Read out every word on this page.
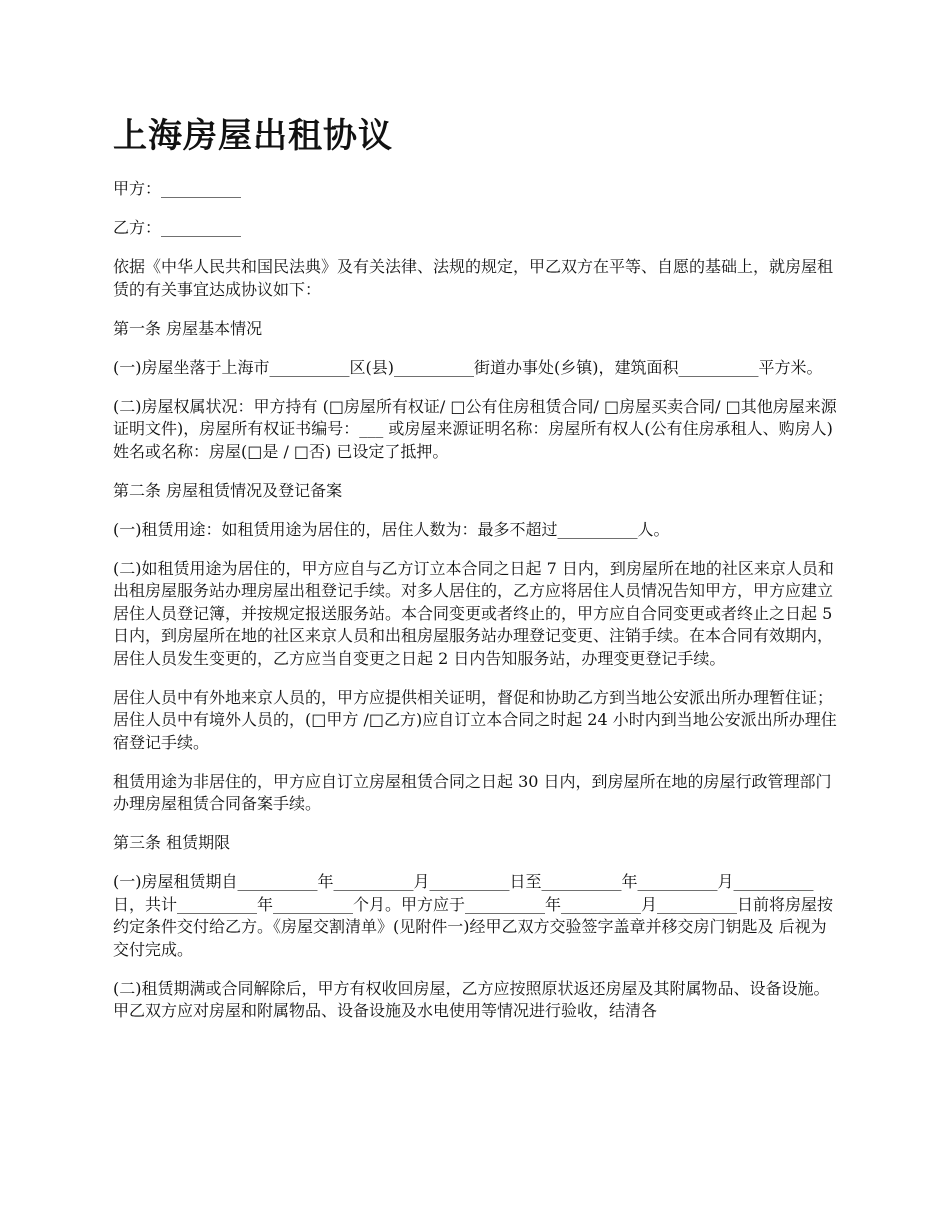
上海房屋出租协议

甲方：__________

乙方：__________

依据《中华人民共和国民法典》及有关法律、法规的规定，甲乙双方在平等、自愿的基础上，就房屋租赁的有关事宜达成协议如下：

第一条 房屋基本情况

(一)房屋坐落于上海市__________区(县)__________街道办事处(乡镇)，建筑面积__________平方米。

(二)房屋权属状况：甲方持有 (□房屋所有权证/ □公有住房租赁合同/ □房屋买卖合同/ □其他房屋来源证明文件)，房屋所有权证书编号：___ 或房屋来源证明名称：房屋所有权人(公有住房承租人、购房人)姓名或名称：房屋(□是 / □否) 已设定了抵押。

第二条 房屋租赁情况及登记备案

(一)租赁用途：如租赁用途为居住的，居住人数为：最多不超过__________人。

(二)如租赁用途为居住的，甲方应自与乙方订立本合同之日起 7 日内，到房屋所在地的社区来京人员和出租房屋服务站办理房屋出租登记手续。对多人居住的，乙方应将居住人员情况告知甲方，甲方应建立居住人员登记簿，并按规定报送服务站。本合同变更或者终止的，甲方应自合同变更或者终止之日起 5 日内，到房屋所在地的社区来京人员和出租房屋服务站办理登记变更、注销手续。在本合同有效期内，居住人员发生变更的，乙方应当自变更之日起 2 日内告知服务站，办理变更登记手续。

居住人员中有外地来京人员的，甲方应提供相关证明，督促和协助乙方到当地公安派出所办理暂住证；居住人员中有境外人员的，(□甲方 /□乙方)应自订立本合同之时起 24 小时内到当地公安派出所办理住宿登记手续。

租赁用途为非居住的，甲方应自订立房屋租赁合同之日起 30 日内，到房屋所在地的房屋行政管理部门办理房屋租赁合同备案手续。

第三条 租赁期限

(一)房屋租赁期自__________年__________月__________日至__________年__________月__________日，共计__________年__________个月。甲方应于__________年__________月__________日前将房屋按约定条件交付给乙方。《房屋交割清单》(见附件一)经甲乙双方交验签字盖章并移交房门钥匙及 后视为交付完成。

(二)租赁期满或合同解除后，甲方有权收回房屋，乙方应按照原状返还房屋及其附属物品、设备设施。甲乙双方应对房屋和附属物品、设备设施及水电使用等情况进行验收，结清各
